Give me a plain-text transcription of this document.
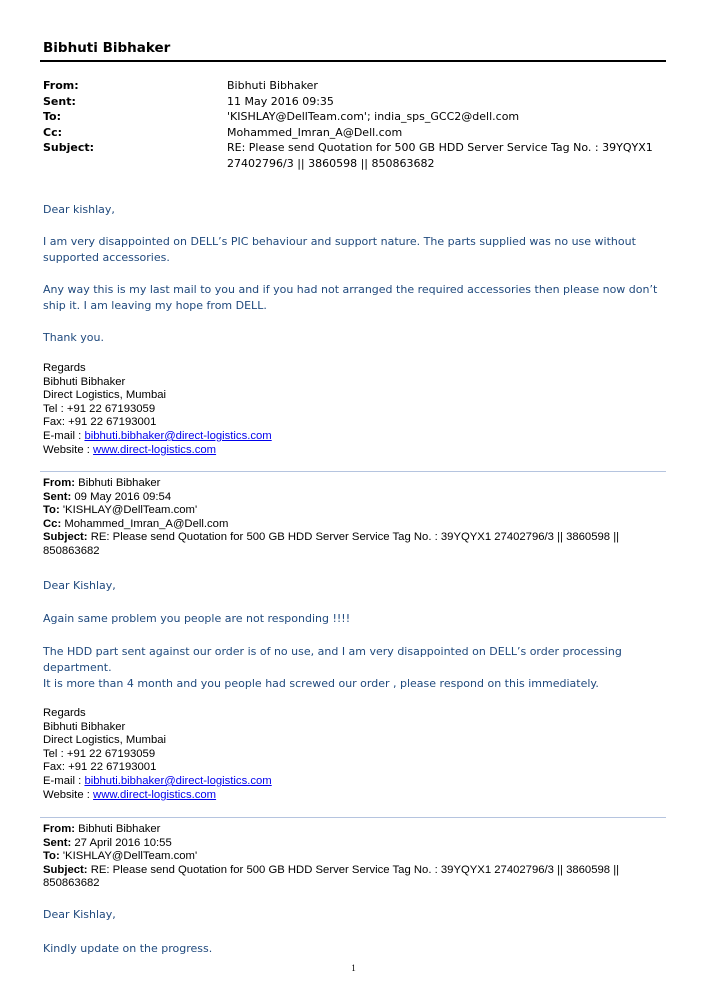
Bibhuti Bibhaker
From:	Bibhuti Bibhaker
Sent:	11 May 2016 09:35
To:	'KISHLAY@DellTeam.com'; india_sps_GCC2@dell.com
Cc:	Mohammed_Imran_A@Dell.com
Subject:	RE: Please send Quotation for 500 GB HDD Server Service Tag No. : 39YQYX1
27402796/3 || 3860598 || 850863682

Dear kishlay,

I am very disappointed on DELL’s PIC behaviour and support nature. The parts supplied was no use without supported accessories.

Any way this is my last mail to you and if you had not arranged the required accessories then please now don’t ship it. I am leaving my hope from DELL.

Thank you.

Regards
Bibhuti Bibhaker
Direct Logistics, Mumbai
Tel : +91 22 67193059
Fax: +91 22 67193001
E-mail : bibhuti.bibhaker@direct-logistics.com
Website : www.direct-logistics.com
From: Bibhuti Bibhaker
Sent: 09 May 2016 09:54
To: 'KISHLAY@DellTeam.com'
Cc: Mohammed_Imran_A@Dell.com
Subject: RE: Please send Quotation for 500 GB HDD Server Service Tag No. : 39YQYX1 27402796/3 || 3860598 || 850863682

Dear Kishlay,

Again same problem you people are not responding !!!!

The HDD part sent against our order is of no use, and I am very disappointed on DELL’s order processing department.

It is more than 4 month and you people had screwed our order , please respond on this immediately.

Regards
Bibhuti Bibhaker
Direct Logistics, Mumbai
Tel : +91 22 67193059
Fax: +91 22 67193001
E-mail : bibhuti.bibhaker@direct-logistics.com
Website : www.direct-logistics.com
From: Bibhuti Bibhaker
Sent: 27 April 2016 10:55
To: 'KISHLAY@DellTeam.com'
Subject: RE: Please send Quotation for 500 GB HDD Server Service Tag No. : 39YQYX1 27402796/3 || 3860598 || 850863682

Dear Kishlay,

Kindly update on the progress.

1
